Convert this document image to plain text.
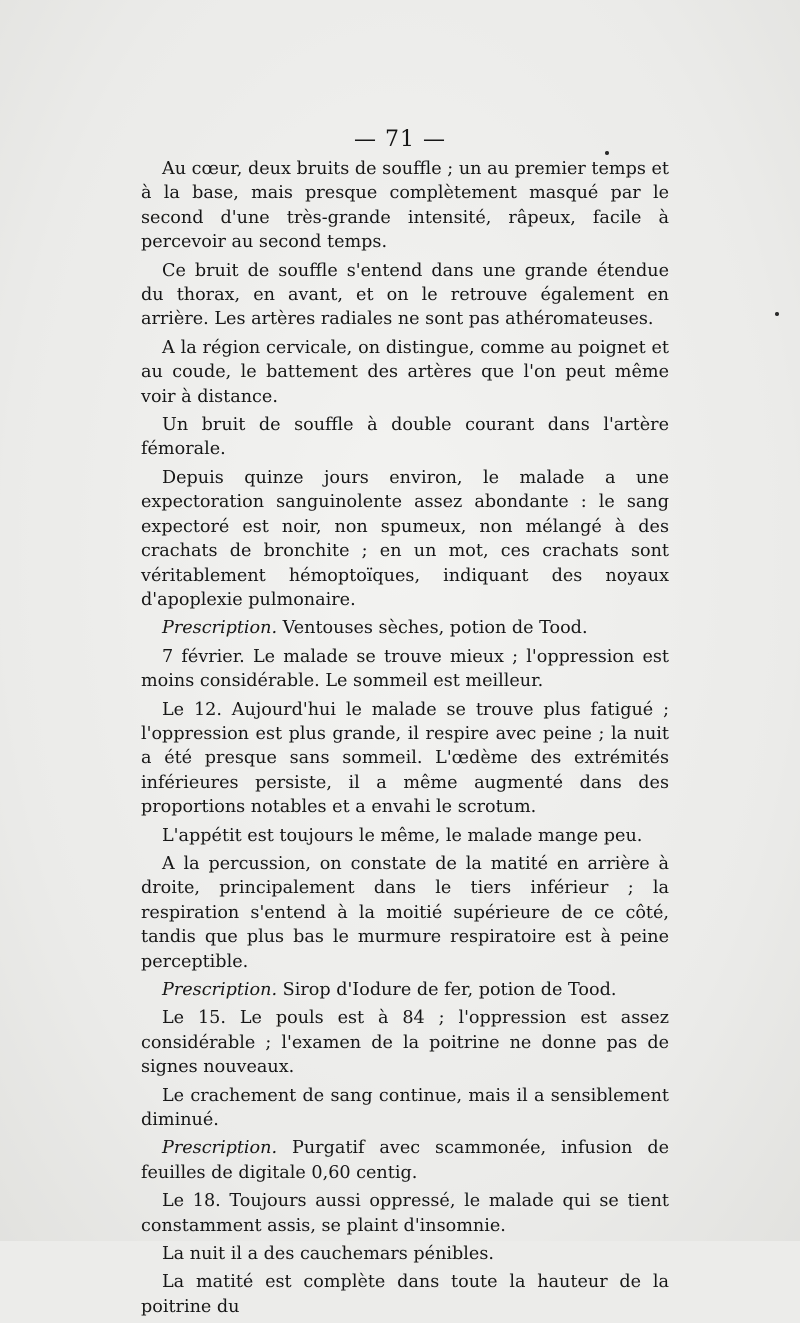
— 71 —

Au cœur, deux bruits de souffle ; un au premier temps et à la base, mais presque complètement masqué par le second d'une très-grande intensité, râpeux, facile à percevoir au second temps.

Ce bruit de souffle s'entend dans une grande étendue du thorax, en avant, et on le retrouve également en arrière. Les artères radiales ne sont pas athéromateuses.

A la région cervicale, on distingue, comme au poignet et au coude, le battement des artères que l'on peut même voir à distance.

Un bruit de souffle à double courant dans l'artère fémorale.

Depuis quinze jours environ, le malade a une expectoration sanguinolente assez abondante : le sang expectoré est noir, non spumeux, non mélangé à des crachats de bronchite ; en un mot, ces crachats sont véritablement hémoptoïques, indiquant des noyaux d'apoplexie pulmonaire.

Prescription. Ventouses sèches, potion de Tood.

7 février. Le malade se trouve mieux ; l'oppression est moins considérable. Le sommeil est meilleur.

Le 12. Aujourd'hui le malade se trouve plus fatigué ; l'oppression est plus grande, il respire avec peine ; la nuit a été presque sans sommeil. L'œdème des extrémités inférieures persiste, il a même augmenté dans des proportions notables et a envahi le scrotum.

L'appétit est toujours le même, le malade mange peu.

A la percussion, on constate de la matité en arrière à droite, principalement dans le tiers inférieur ; la respiration s'entend à la moitié supérieure de ce côté, tandis que plus bas le murmure respiratoire est à peine perceptible.

Prescription. Sirop d'Iodure de fer, potion de Tood.

Le 15. Le pouls est à 84 ; l'oppression est assez considérable ; l'examen de la poitrine ne donne pas de signes nouveaux.

Le crachement de sang continue, mais il a sensiblement diminué.

Prescription. Purgatif avec scammonée, infusion de feuilles de digitale 0,60 centig.

Le 18. Toujours aussi oppressé, le malade qui se tient constamment assis, se plaint d'insomnie.

La nuit il a des cauchemars pénibles.

La matité est complète dans toute la hauteur de la poitrine du
